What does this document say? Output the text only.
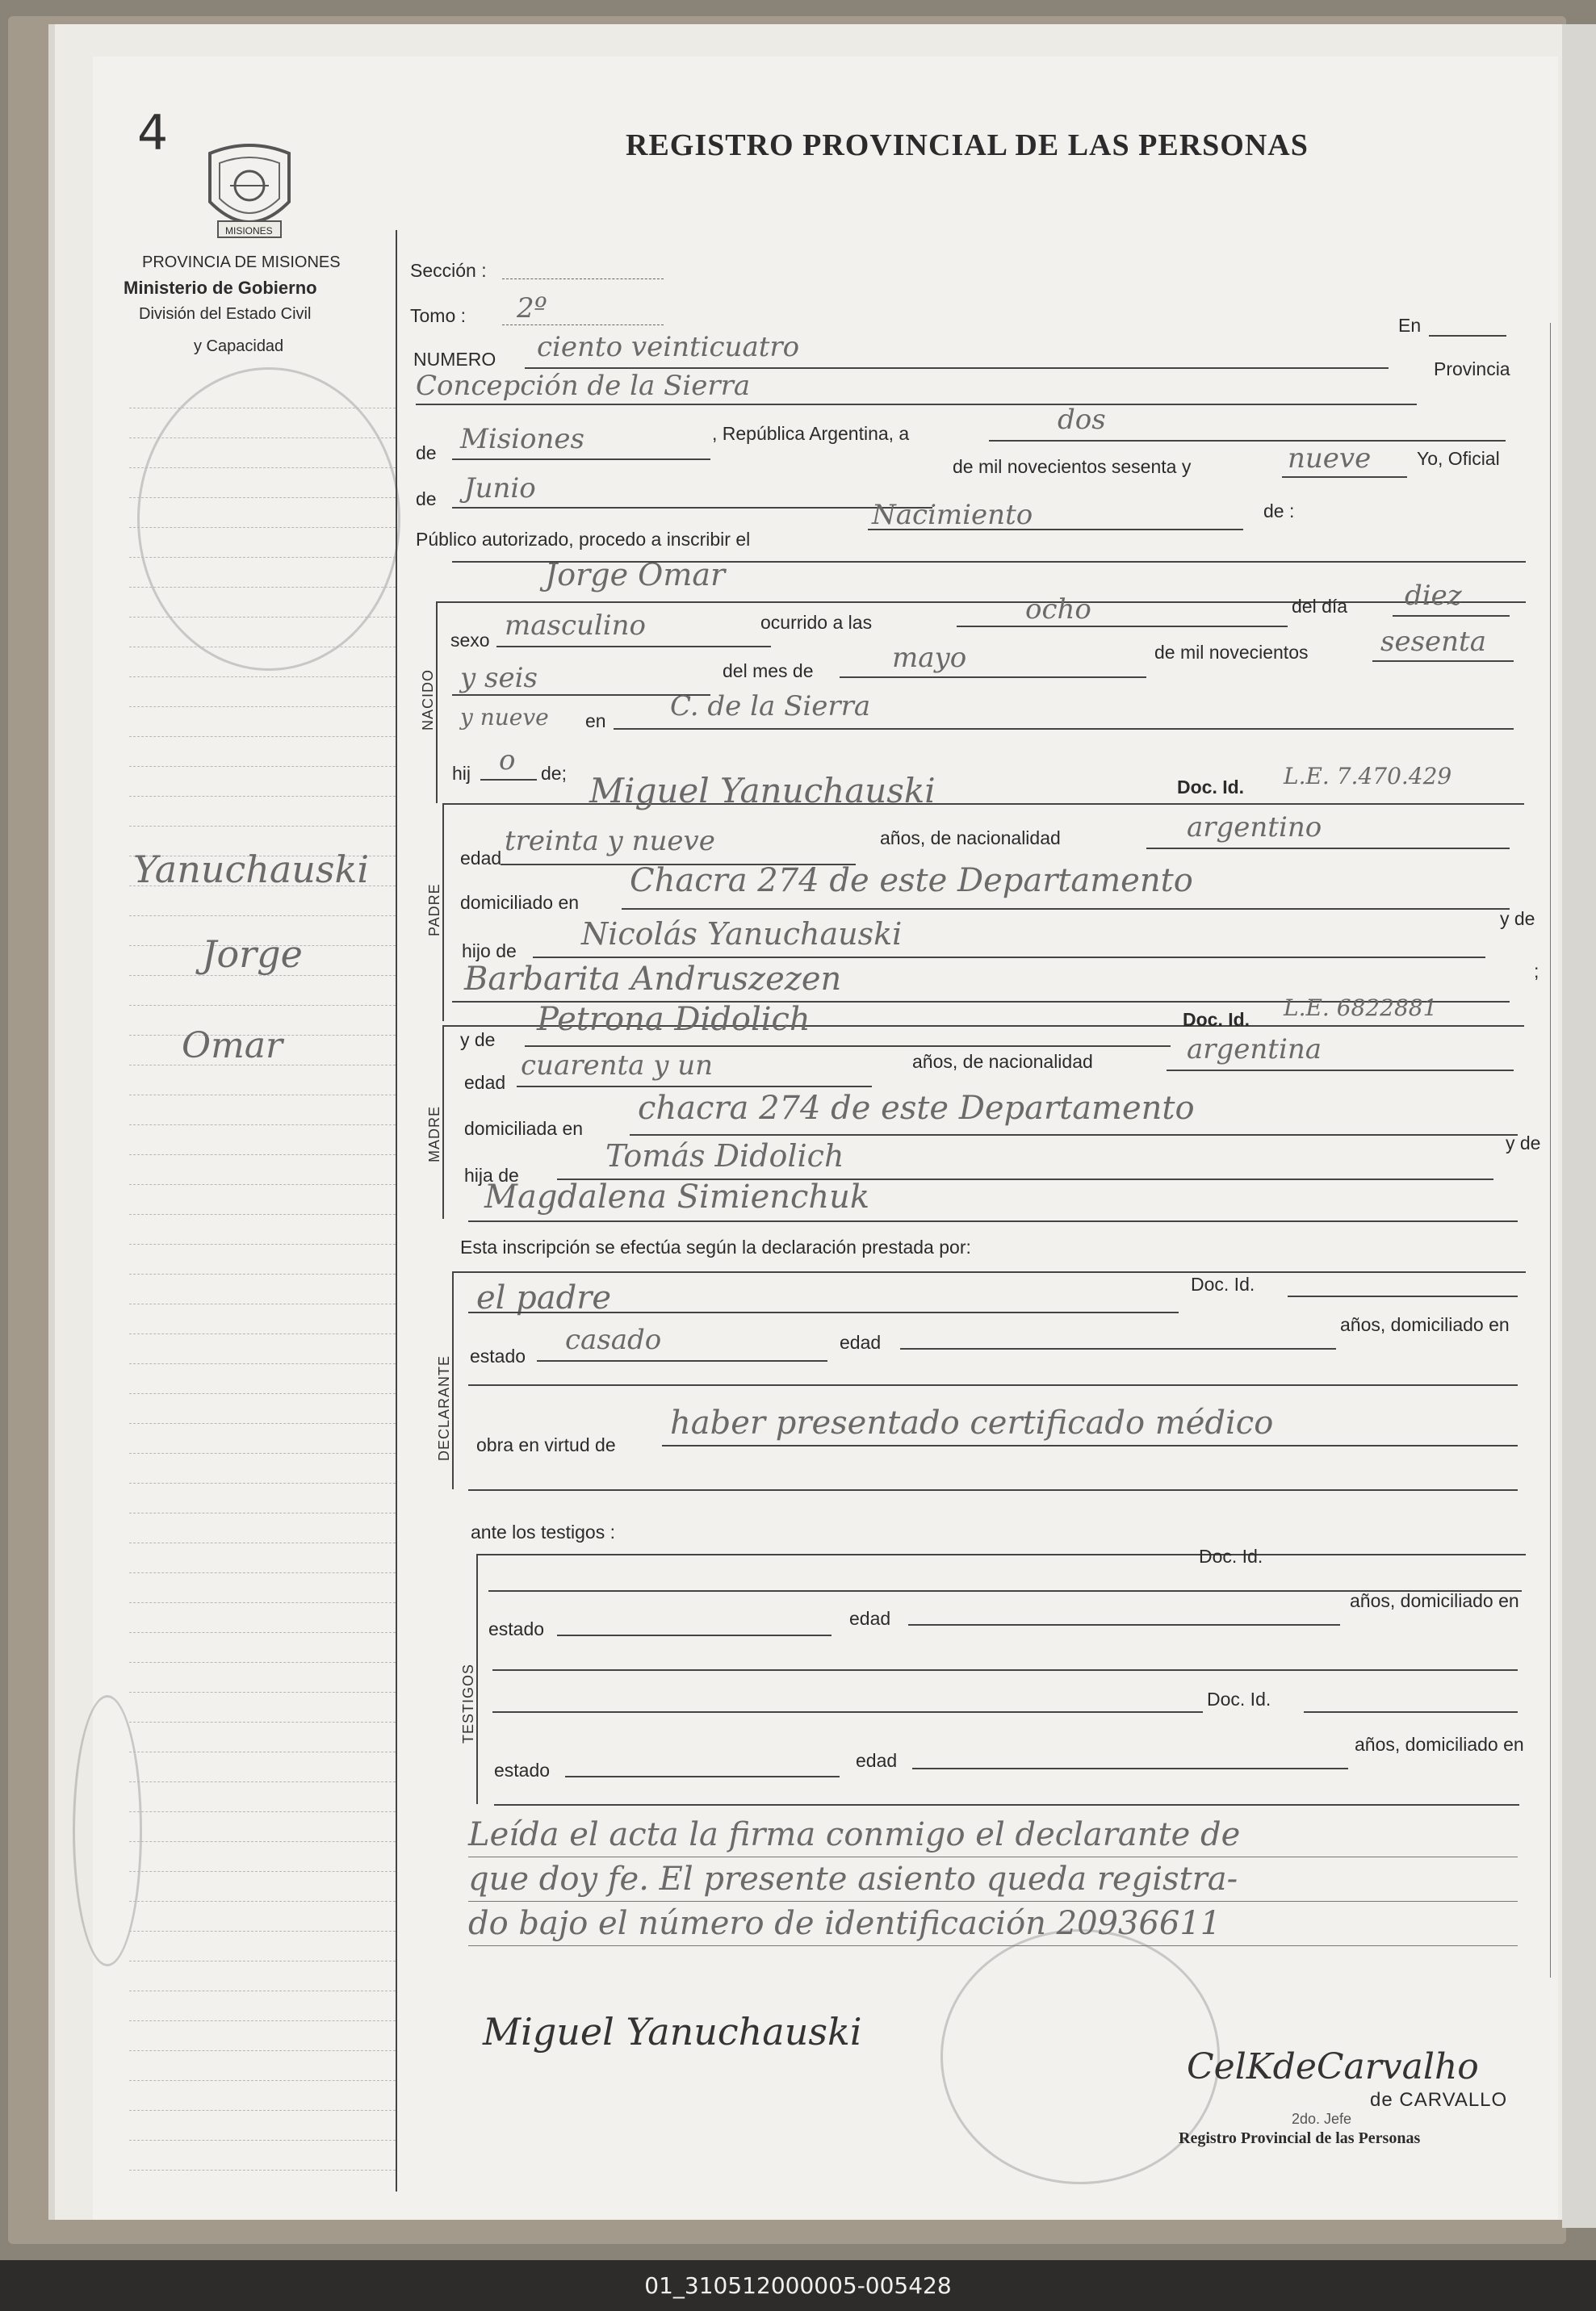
4
MISIONES
PROVINCIA DE MISIONES
Ministerio de Gobierno
División del Estado Civil
y Capacidad
Yanuchauski
Jorge
Omar
REGISTRO PROVINCIAL DE LAS PERSONAS
Sección :
Tomo : 2º
NUMERO ciento veinticuatro
En
Concepción de la Sierra
Provincia
de Misiones	, República Argentina, a	dos
de Junio
de mil novecientos sesenta y	nueve Yo, Oficial
Público autorizado, procedo a inscribir el
Nacimiento	de :
NACIDO
Jorge Omar
sexo masculino	ocurrido a las	ocho	del día diez
y seis	del mes de	mayo	de mil novecientos	sesenta
y nueve en C. de la Sierra
hij o de;
PADRE
Miguel Yanuchauski	Doc. Id. L.E. 7.470.429
edad
treinta y nueve	años, de nacionalidad	argentino
domiciliado en
Chacra 274 de este Departamento
hijo de Nicolás Yanuchauski	y de
Barbarita Andruszezen	;
MADRE
y de
Petrona Didolich	Doc. Id. L.E. 6822881
edad
cuarenta y un	años, de nacionalidad	argentina
domiciliada en
chacra 274 de este Departamento
hija de
Tomás Didolich	y de
Magdalena Simienchuk
Esta inscripción se efectúa según la declaración prestada por:
DECLARANTE
el padre	Doc. Id.
estado casado	edad
años, domiciliado en
obra en virtud de
haber presentado certificado médico
ante los testigos :
TESTIGOS
Doc. Id.
estado	edad
años, domiciliado en
Doc. Id.
estado	edad
años, domiciliado en
Leída el acta la firma conmigo el declarante de
que doy fe. El presente asiento queda registra-
do bajo el número de identificación 20936611
Miguel Yanuchauski
CelKdeCarvalho
de CARVALLO
2do. Jefe
Registro Provincial de las Personas
01_310512000005-005428
